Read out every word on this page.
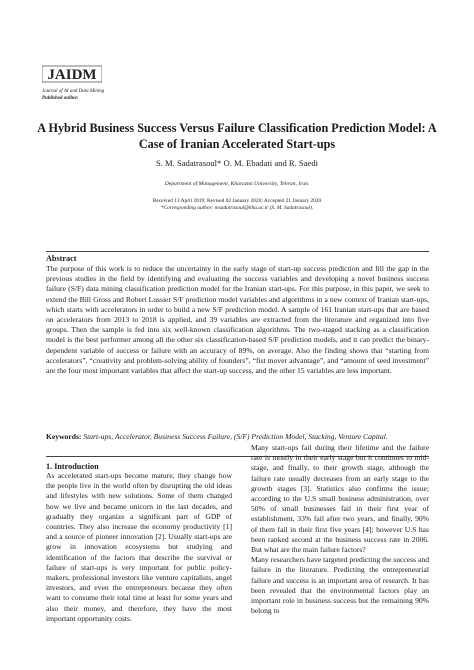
JAIDM
Journal of AI and Data Mining
Published online:
A Hybrid Business Success Versus Failure Classification Prediction Model: A Case of Iranian Accelerated Start-ups
S. M. Sadatrasoul* O. M. Ebadati and R. Saedi
Department of Management, Kharazmi University, Tehran, Iran.
Received 13 April 2019; Revised 02 January 2020; Accepted 21 January 2020
*Corresponding author: msadatrasoul@khu.ac.ir (S. M. Sadatrasoul).
Abstract
The purpose of this work is to reduce the uncertainty in the early stage of start-up success prediction and fill the gap in the previous studies in the field by identifying and evaluating the success variables and developing a novel business success failure (S/F) data mining classification prediction model for the Iranian start-ups. For this purpose, in this paper, we seek to extend the Bill Gross and Robert Lussier S/F prediction model variables and algorithms in a new context of Iranian start-ups, which starts with accelerators in order to build a new S/F prediction model. A sample of 161 Iranian start-ups that are based on accelerators from 2013 to 2018 is applied, and 39 variables are extracted from the literature and organized into five groups. Then the sample is fed into six well-known classification algorithms. The two-staged stacking as a classification model is the best performer among all the other six classification-based S/F prediction models, and it can predict the binary-dependent variable of success or failure with an accuracy of 89%, on average. Also the finding shows that “starting from accelerators”, “creativity and problem-solving ability of founders”, “fist mover advantage”, and “amount of seed investment” are the four most important variables that affect the start-up success, and the other 15 variables are less important.
Keywords: Start-ups, Accelerator, Business Success Failure, (S/F) Prediction Model, Stacking, Venture Capital.
1. Introduction

As accelerated start-ups become mature, they change how the people live in the world often by disrupting the old ideas and lifestyles with new solutions. Some of them changed how we live and became unicorn in the last decades, and gradually they organize a significant part of GDP of countries. They also increase the economy productivity [1] and a source of pioneer innovation [2]. Usually start-ups are grow in innovation ecosystems but studying and identification of the factors that describe the survival or failure of start-ups is very important for public policy-makers, professional investors like venture capitalists, angel investors, and even the entrepreneurs because they often want to consume their total time at least for some years and also their money, and therefore, they have the most important opportunity costs.

Many start-ups fail during their lifetime and the failure rate is mostly in their early stage but it continues to mid-stage, and finally, to their growth stage, although the failure rate usually decreases from an early stage to the growth stages [3]. Statistics also confirms the issue; according to the U.S small business administration, over 50% of small businesses fail in their first year of establishment, 33% fail after two years, and finally, 90% of them fail in their first five years [4]; however U.S has been ranked second at the business success rate in 2006. But what are the main failure factors?

Many researchers have targeted predicting the success and failure in the literature. Predicting the entrepreneurial failure and success is an important area of research. It has been revealed that the environmental factors play an important role in business success but the remaining 90% belong to
